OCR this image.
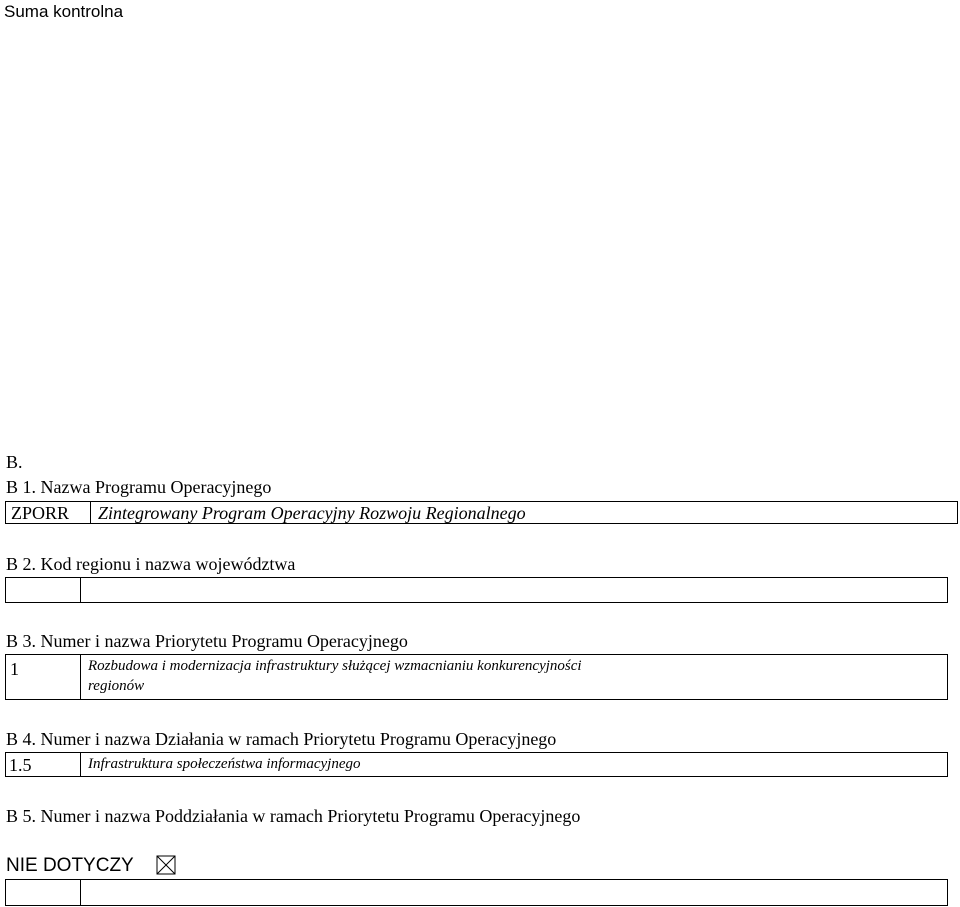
Suma kontrolna
B.
B 1. Nazwa Programu Operacyjnego
ZPORR Zintegrowany Program Operacyjny Rozwoju Regionalnego
B 2. Kod regionu i nazwa województwa
B 3. Numer i nazwa Priorytetu Programu Operacyjnego
1	Rozbudowa i modernizacja infrastruktury służącej wzmacnianiu konkurencyjności
regionów
B 4. Numer i nazwa Działania w ramach Priorytetu Programu Operacyjnego
1.5	Infrastruktura społeczeństwa informacyjnego
B 5. Numer i nazwa Poddziałania w ramach Priorytetu Programu Operacyjnego
NIE DOTYCZY
